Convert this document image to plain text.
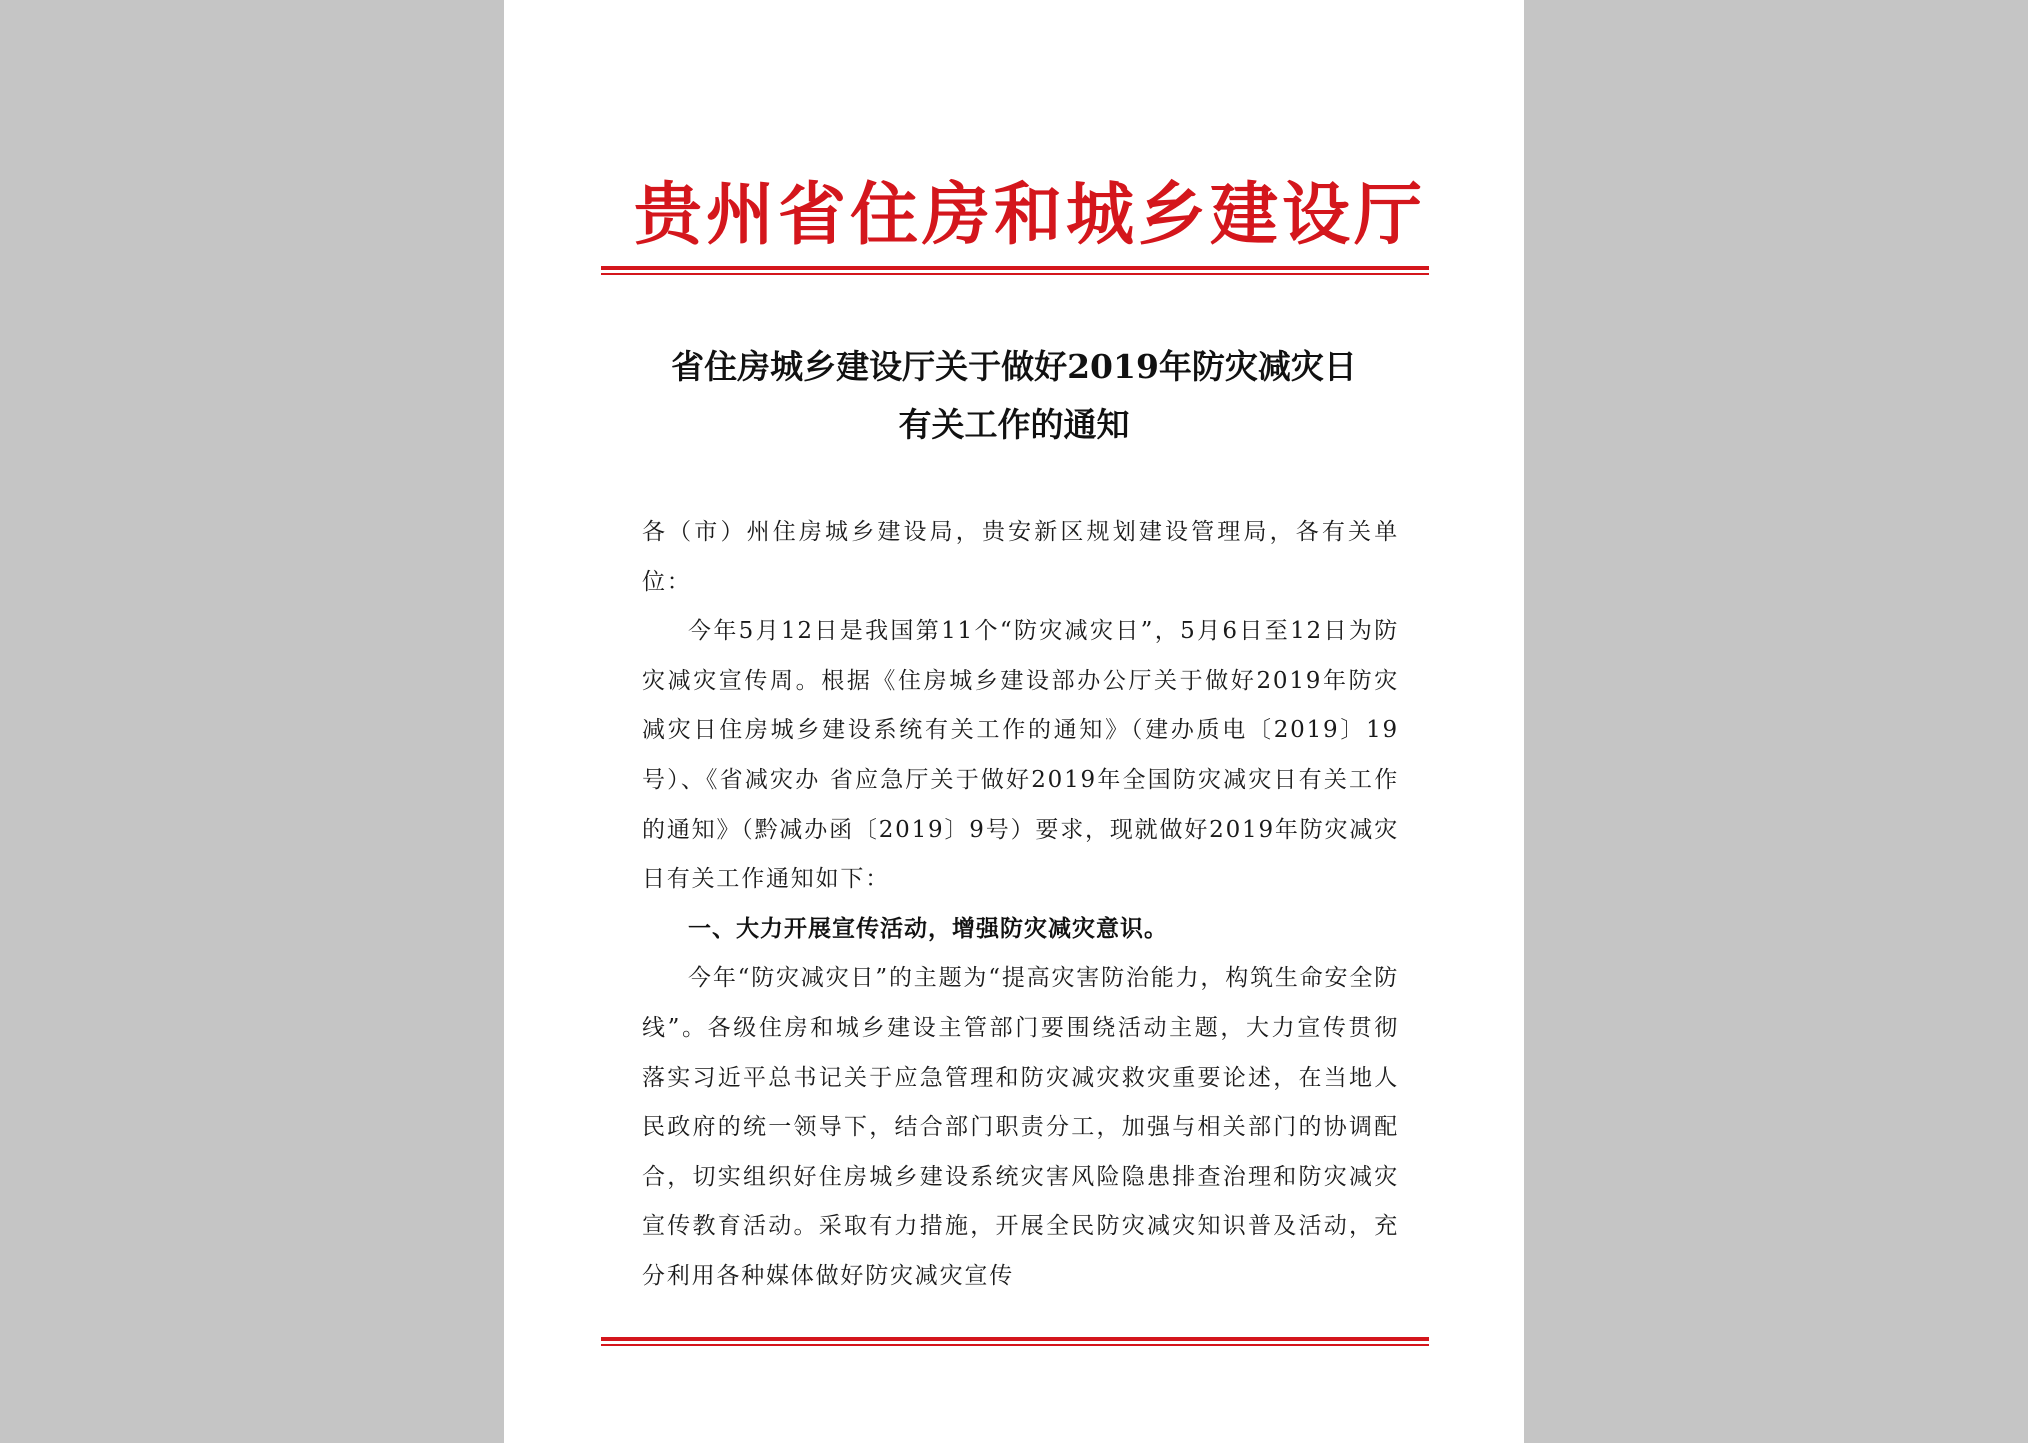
贵州省住房和城乡建设厅
省住房城乡建设厅关于做好2019年防灾减灾日
有关工作的通知

各（市）州住房城乡建设局，贵安新区规划建设管理局，各有关单位：

今年5月12日是我国第11个“防灾减灾日”，5月6日至12日为防灾减灾宣传周。根据《住房城乡建设部办公厅关于做好2019年防灾减灾日住房城乡建设系统有关工作的通知》（建办质电〔2019〕19号）、《省减灾办 省应急厅关于做好2019年全国防灾减灾日有关工作的通知》（黔减办函〔2019〕9号）要求，现就做好2019年防灾减灾日有关工作通知如下：

一、大力开展宣传活动，增强防灾减灾意识。

今年“防灾减灾日”的主题为“提高灾害防治能力，构筑生命安全防线”。各级住房和城乡建设主管部门要围绕活动主题，大力宣传贯彻落实习近平总书记关于应急管理和防灾减灾救灾重要论述，在当地人民政府的统一领导下，结合部门职责分工，加强与相关部门的协调配合，切实组织好住房城乡建设系统灾害风险隐患排查治理和防灾减灾宣传教育活动。采取有力措施，开展全民防灾减灾知识普及活动，充分利用各种媒体做好防灾减灾宣传
